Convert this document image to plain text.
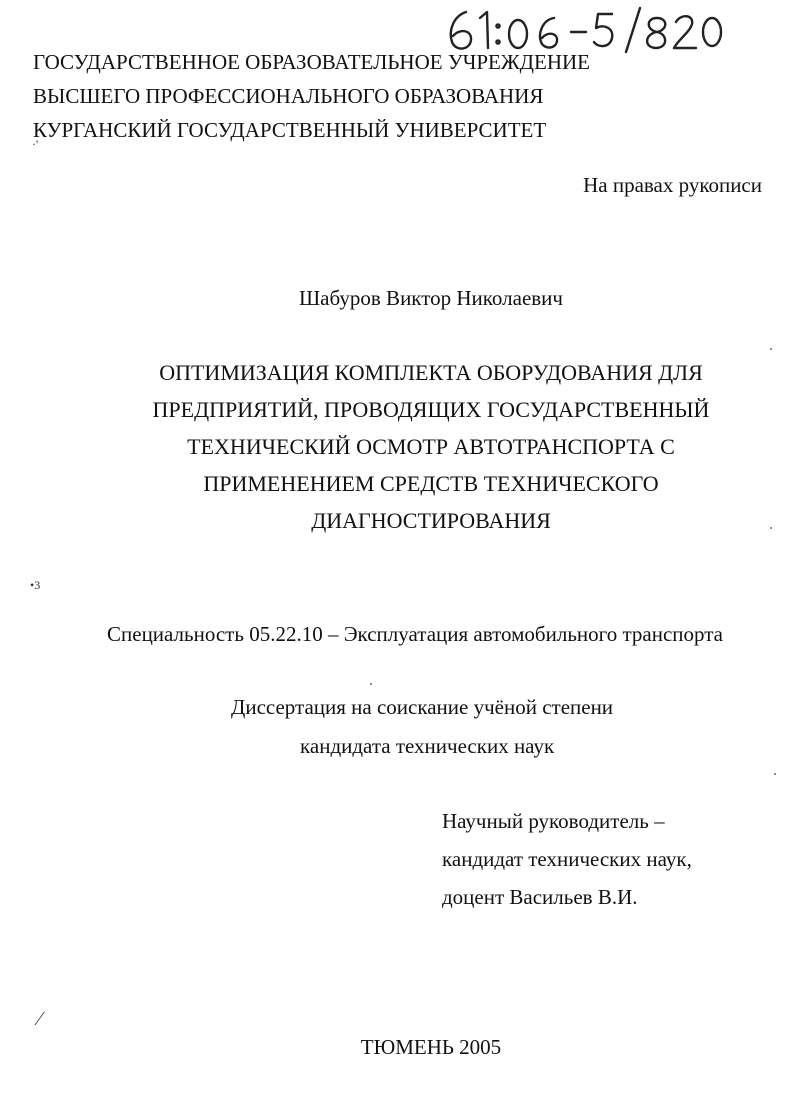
·'
•3
∕
ГОСУДАРСТВЕННОЕ ОБРАЗОВАТЕЛЬНОЕ УЧРЕЖДЕНИЕ
ВЫСШЕГО ПРОФЕССИОНАЛЬНОГО ОБРАЗОВАНИЯ
КУРГАНСКИЙ ГОСУДАРСТВЕННЫЙ УНИВЕРСИТЕТ
На правах рукописи
Шабуров Виктор Николаевич
ОПТИМИЗАЦИЯ КОМПЛЕКТА ОБОРУДОВАНИЯ ДЛЯ
ПРЕДПРИЯТИЙ, ПРОВОДЯЩИХ ГОСУДАРСТВЕННЫЙ
ТЕХНИЧЕСКИЙ ОСМОТР АВТОТРАНСПОРТА С
ПРИМЕНЕНИЕМ СРЕДСТВ ТЕХНИЧЕСКОГО
ДИАГНОСТИРОВАНИЯ
Специальность 05.22.10 – Эксплуатация автомобильного транспорта
Диссертация на соискание учёной степени
кандидата технических наук
Научный руководитель –
кандидат технических наук,
доцент Васильев В.И.
ТЮМЕНЬ 2005
